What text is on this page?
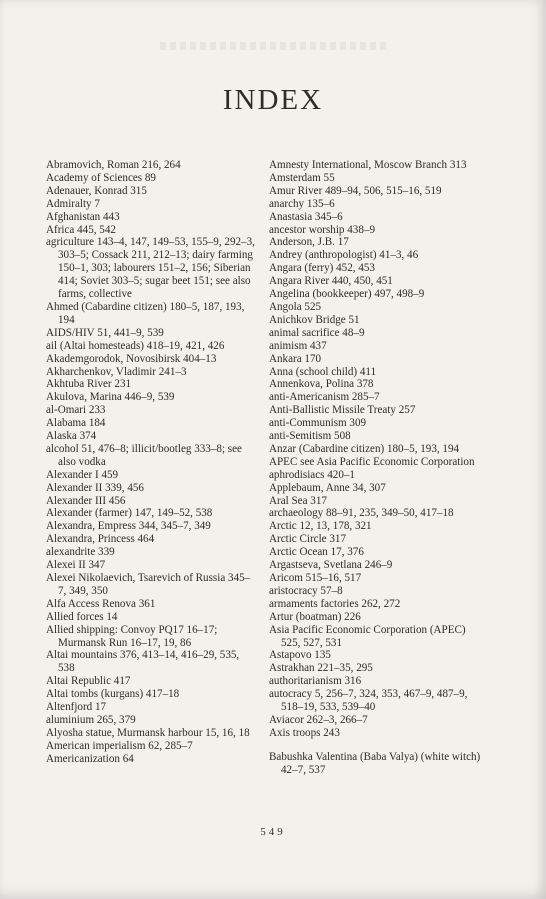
INDEX

Abramovich, Roman 216, 264

Academy of Sciences 89

Adenauer, Konrad 315

Admiralty 7

Afghanistan 443

Africa 445, 542

agriculture 143–4, 147, 149–53, 155–9, 292–3, 303–5; Cossack 211, 212–13; dairy farming 150–1, 303; labourers 151–2, 156; Siberian 414; Soviet 303–5; sugar beet 151; see also farms, collective

Ahmed (Cabardine citizen) 180–5, 187, 193, 194

AIDS/HIV 51, 441–9, 539

ail (Altai homesteads) 418–19, 421, 426

Akademgorodok, Novosibirsk 404–13

Akharchenkov, Vladimir 241–3

Akhtuba River 231

Akulova, Marina 446–9, 539

al-Omari 233

Alabama 184

Alaska 374

alcohol 51, 476–8; illicit/bootleg 333–8; see also vodka

Alexander I 459

Alexander II 339, 456

Alexander III 456

Alexander (farmer) 147, 149–52, 538

Alexandra, Empress 344, 345–7, 349

Alexandra, Princess 464

alexandrite 339

Alexei II 347

Alexei Nikolaevich, Tsarevich of Russia 345–7, 349, 350

Alfa Access Renova 361

Allied forces 14

Allied shipping: Convoy PQ17 16–17; Murmansk Run 16–17, 19, 86

Altai mountains 376, 413–14, 416–29, 535, 538

Altai Republic 417

Altai tombs (kurgans) 417–18

Altenfjord 17

aluminium 265, 379

Alyosha statue, Murmansk harbour 15, 16, 18

American imperialism 62, 285–7

Americanization 64

Amnesty International, Moscow Branch 313

Amsterdam 55

Amur River 489–94, 506, 515–16, 519

anarchy 135–6

Anastasia 345–6

ancestor worship 438–9

Anderson, J.B. 17

Andrey (anthropologist) 41–3, 46

Angara (ferry) 452, 453

Angara River 440, 450, 451

Angelina (bookkeeper) 497, 498–9

Angola 525

Anichkov Bridge 51

animal sacrifice 48–9

animism 437

Ankara 170

Anna (school child) 411

Annenkova, Polina 378

anti-Americanism 285–7

Anti-Ballistic Missile Treaty 257

anti-Communism 309

anti-Semitism 508

Anzar (Cabardine citizen) 180–5, 193, 194

APEC see Asia Pacific Economic Corporation

aphrodisiacs 420–1

Applebaum, Anne 34, 307

Aral Sea 317

archaeology 88–91, 235, 349–50, 417–18

Arctic 12, 13, 178, 321

Arctic Circle 317

Arctic Ocean 17, 376

Argastseva, Svetlana 246–9

Aricom 515–16, 517

aristocracy 57–8

armaments factories 262, 272

Artur (boatman) 226

Asia Pacific Economic Corporation (APEC) 525, 527, 531

Astapovo 135

Astrakhan 221–35, 295

authoritarianism 316

autocracy 5, 256–7, 324, 353, 467–9, 487–9, 518–19, 533, 539–40

Aviacor 262–3, 266–7

Axis troops 243

Babushka Valentina (Baba Valya) (white witch) 42–7, 537

549
